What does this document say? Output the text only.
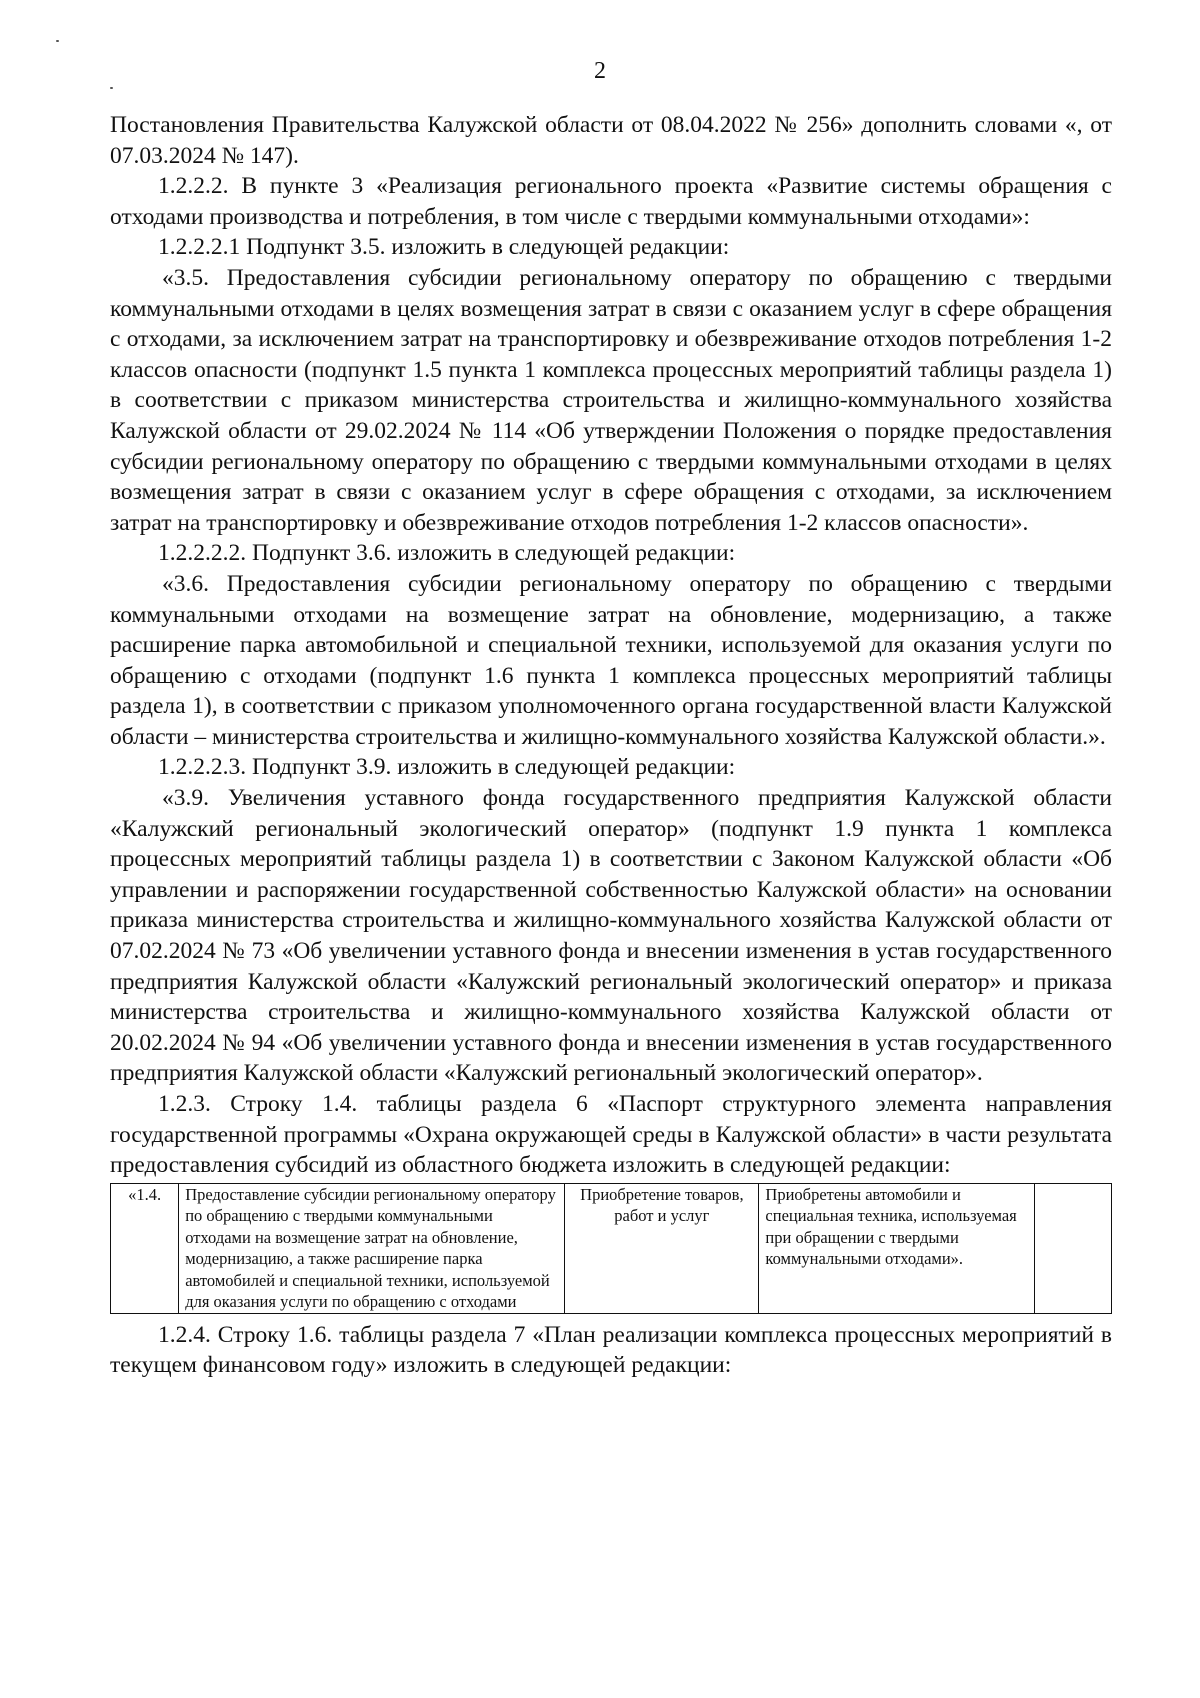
2

Постановления Правительства Калужской области от 08.04.2022 № 256» дополнить словами «, от 07.03.2024 № 147).

1.2.2.2. В пункте 3 «Реализация регионального проекта «Развитие системы обращения с отходами производства и потребления, в том числе с твердыми коммунальными отходами»:

1.2.2.2.1 Подпункт 3.5. изложить в следующей редакции:

«3.5. Предоставления субсидии региональному оператору по обращению с твердыми коммунальными отходами в целях возмещения затрат в связи с оказанием услуг в сфере обращения с отходами, за исключением затрат на транспортировку и обезвреживание отходов потребления 1-2 классов опасности (подпункт 1.5 пункта 1 комплекса процессных мероприятий таблицы раздела 1) в соответствии с приказом министерства строительства и жилищно-коммунального хозяйства Калужской области от 29.02.2024 № 114 «Об утверждении Положения о порядке предоставления субсидии региональному оператору по обращению с твердыми коммунальными отходами в целях возмещения затрат в связи с оказанием услуг в сфере обращения с отходами, за исключением затрат на транспортировку и обезвреживание отходов потребления 1-2 классов опасности».

1.2.2.2.2. Подпункт 3.6. изложить в следующей редакции:

«3.6. Предоставления субсидии региональному оператору по обращению с твердыми коммунальными отходами на возмещение затрат на обновление, модернизацию, а также расширение парка автомобильной и специальной техники, используемой для оказания услуги по обращению с отходами (подпункт 1.6 пункта 1 комплекса процессных мероприятий таблицы раздела 1), в соответствии с приказом уполномоченного органа государственной власти Калужской области – министерства строительства и жилищно-коммунального хозяйства Калужской области.».

1.2.2.2.3. Подпункт 3.9. изложить в следующей редакции:

«3.9. Увеличения уставного фонда государственного предприятия Калужской области «Калужский региональный экологический оператор» (подпункт 1.9 пункта 1 комплекса процессных мероприятий таблицы раздела 1) в соответствии с Законом Калужской области «Об управлении и распоряжении государственной собственностью Калужской области» на основании приказа министерства строительства и жилищно-коммунального хозяйства Калужской области от 07.02.2024 № 73 «Об увеличении уставного фонда и внесении изменения в устав государственного предприятия Калужской области «Калужский региональный экологический оператор» и приказа министерства строительства и жилищно-коммунального хозяйства Калужской области от 20.02.2024 № 94 «Об увеличении уставного фонда и внесении изменения в устав государственного предприятия Калужской области «Калужский региональный экологический оператор».

1.2.3. Строку 1.4. таблицы раздела 6 «Паспорт структурного элемента направления государственной программы «Охрана окружающей среды в Калужской области» в части результата предоставления субсидий из областного бюджета изложить в следующей редакции:

«1.4.	Предоставление субсидии региональному оператору по обращению с твердыми коммунальными отходами на возмещение затрат на обновление, модернизацию, а также расширение парка автомобилей и специальной техники, используемой для оказания услуги по обращению с отходами	Приобретение товаров, работ и услуг	Приобретены автомобили и специальная техника, используемая при обращении с твердыми коммунальными отходами».	

1.2.4. Строку 1.6. таблицы раздела 7 «План реализации комплекса процессных мероприятий в текущем финансовом году» изложить в следующей редакции:
